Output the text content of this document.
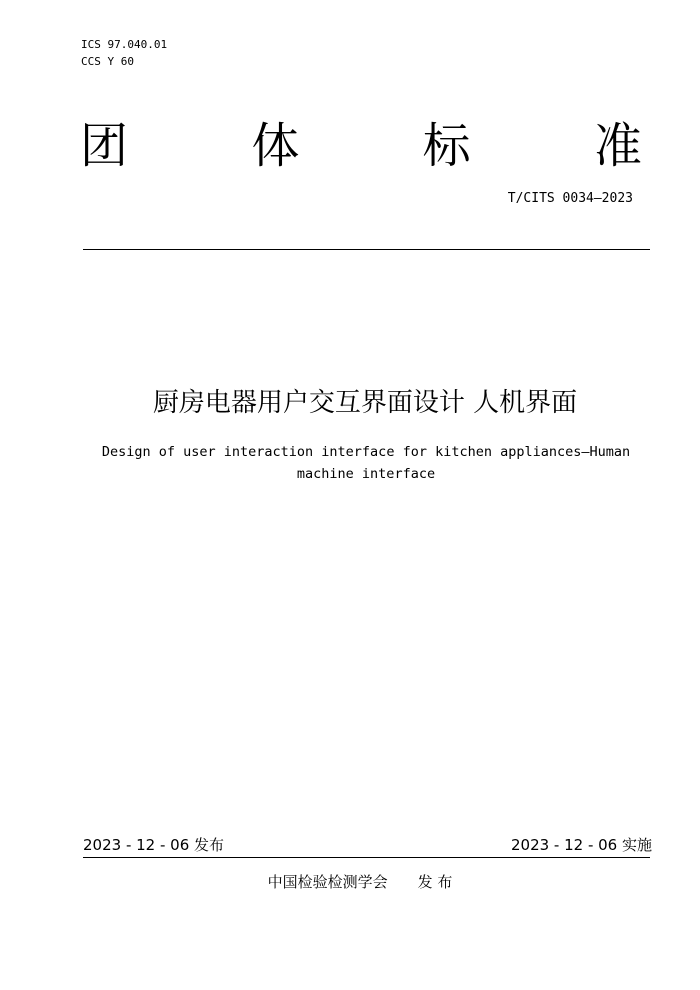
ICS 97.040.01
CCS Y 60
团	体	标	准
T/CITS 0034—2023
厨房电器用户交互界面设计 人机界面
Design of user interaction interface for kitchen appliances—Human
machine interface
2023 - 12 - 06 发布	2023 - 12 - 06 实施
中国检验检测学会 发 布
